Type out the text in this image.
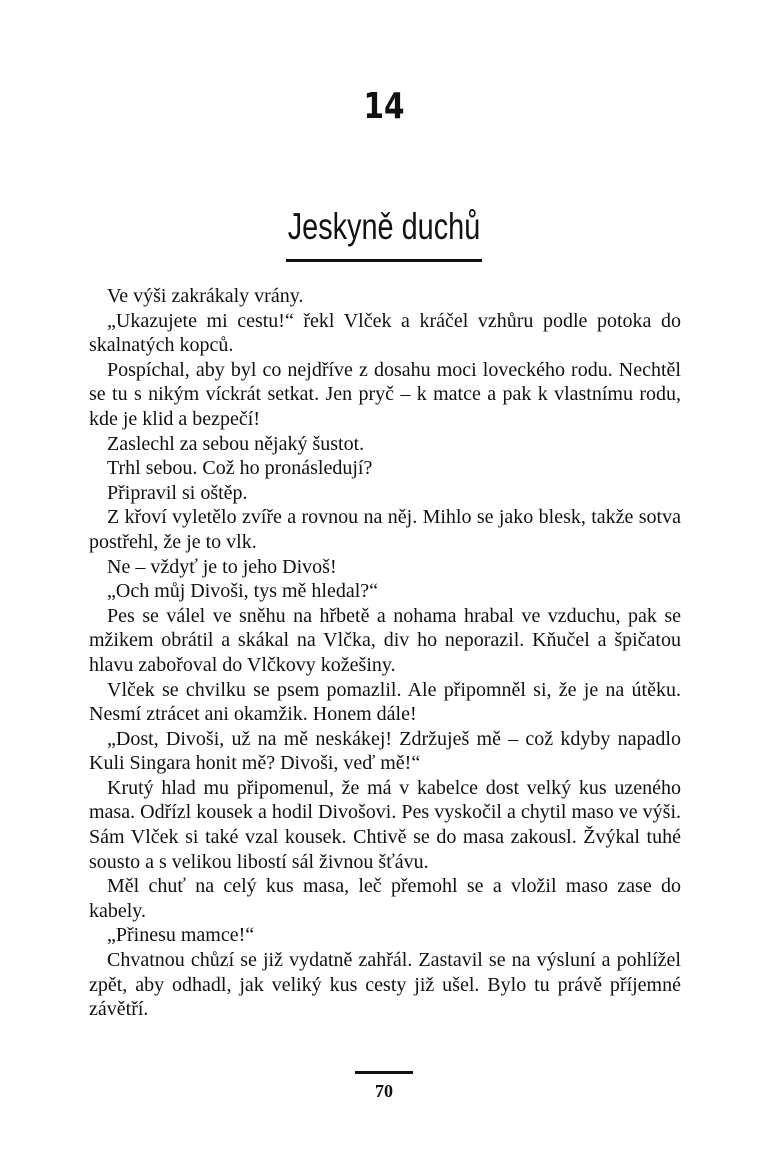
14
Jeskyně duchů

Ve výši zakrákaly vrány.

„Ukazujete mi cestu!“ řekl Vlček a kráčel vzhůru podle potoka do skalnatých kopců.

Pospíchal, aby byl co nejdříve z dosahu moci loveckého rodu. Nechtěl se tu s nikým víckrát setkat. Jen pryč – k matce a pak k vlastnímu rodu, kde je klid a bezpečí!

Zaslechl za sebou nějaký šustot.

Trhl sebou. Což ho pronásledují?

Připravil si oštěp.

Z křoví vyletělo zvíře a rovnou na něj. Mihlo se jako blesk, takže sotva postřehl, že je to vlk.

Ne – vždyť je to jeho Divoš!

„Och můj Divoši, tys mě hledal?“

Pes se válel ve sněhu na hřbetě a nohama hrabal ve vzduchu, pak se mžikem obrátil a skákal na Vlčka, div ho neporazil. Kňučel a špičatou hlavu zabořoval do Vlčkovy kožešiny.

Vlček se chvilku se psem pomazlil. Ale připomněl si, že je na útěku. Nesmí ztrácet ani okamžik. Honem dále!

„Dost, Divoši, už na mě neskákej! Zdržuješ mě – což kdyby napadlo Kuli Singara honit mě? Divoši, veď mě!“

Krutý hlad mu připomenul, že má v kabelce dost velký kus uzeného masa. Odřízl kousek a hodil Divošovi. Pes vyskočil a chytil maso ve výši. Sám Vlček si také vzal kousek. Chtivě se do masa zakousl. Žvýkal tuhé sousto a s velikou libostí sál živnou šťávu.

Měl chuť na celý kus masa, leč přemohl se a vložil maso zase do kabely.

„Přinesu mamce!“

Chvatnou chůzí se již vydatně zahřál. Zastavil se na výsluní a pohlížel zpět, aby odhadl, jak veliký kus cesty již ušel. Bylo tu právě příjemné závětří.

70
